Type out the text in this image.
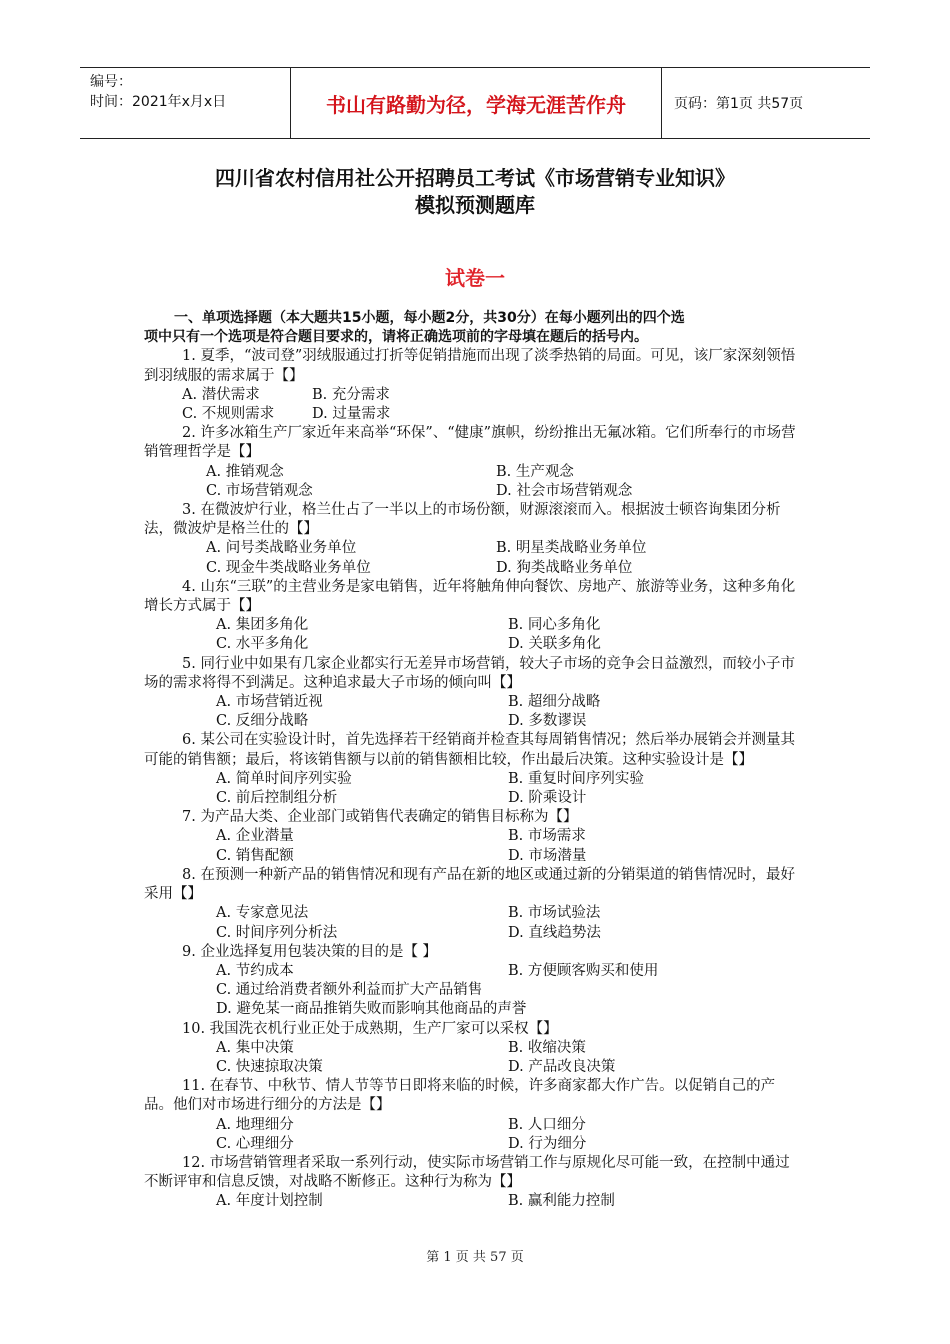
编号：
时间：2021年x月x日	书山有路勤为径，学海无涯苦作舟	页码：第1页 共57页
四川省农村信用社公开招聘员工考试《市场营销专业知识》
模拟预测题库
试卷一
一、单项选择题（本大题共15小题，每小题2分，共30分）在每小题列出的四个选
项中只有一个选项是符合题目要求的，请将正确选项前的字母填在题后的括号内。
1. 夏季，“波司登”羽绒服通过打折等促销措施而出现了淡季热销的局面。可见，该厂家深刻领悟到羽绒服的需求属于【】
A. 潜伏需求	B. 充分需求
C. 不规则需求	D. 过量需求
2. 许多冰箱生产厂家近年来高举“环保”、“健康”旗帜，纷纷推出无氟冰箱。它们所奉行的市场营销管理哲学是【】
A. 推销观念	B. 生产观念
C. 市场营销观念	D. 社会市场营销观念
3. 在微波炉行业，格兰仕占了一半以上的市场份额，财源滚滚而入。根据波士顿咨询集团分析法，微波炉是格兰仕的【】
A. 问号类战略业务单位	B. 明星类战略业务单位
C. 现金牛类战略业务单位	D. 狗类战略业务单位
4. 山东“三联”的主营业务是家电销售，近年将触角伸向餐饮、房地产、旅游等业务，这种多角化增长方式属于【】
A. 集团多角化	B. 同心多角化
C. 水平多角化	D. 关联多角化
5. 同行业中如果有几家企业都实行无差异市场营销，较大子市场的竞争会日益激烈，而较小子市场的需求将得不到满足。这种追求最大子市场的倾向叫【】
A. 市场营销近视	B. 超细分战略
C. 反细分战略	D. 多数谬误
6. 某公司在实验设计时，首先选择若干经销商并检查其每周销售情况；然后举办展销会并测量其可能的销售额；最后，将该销售额与以前的销售额相比较，作出最后决策。这种实验设计是【】
A. 简单时间序列实验	B. 重复时间序列实验
C. 前后控制组分析	D. 阶乘设计
7. 为产品大类、企业部门或销售代表确定的销售目标称为【】
A. 企业潜量	B. 市场需求
C. 销售配额	D. 市场潜量
8. 在预测一种新产品的销售情况和现有产品在新的地区或通过新的分销渠道的销售情况时，最好采用【】
A. 专家意见法	B. 市场试验法
C. 时间序列分析法	D. 直线趋势法
9. 企业选择复用包装决策的目的是【 】
A. 节约成本	B. 方便顾客购买和使用
C. 通过给消费者额外利益而扩大产品销售
D. 避免某一商品推销失败而影响其他商品的声誉
10. 我国洗衣机行业正处于成熟期，生产厂家可以采权【】
A. 集中决策	B. 收缩决策
C. 快速掠取决策	D. 产品改良决策
11. 在春节、中秋节、情人节等节日即将来临的时候，许多商家都大作广告。以促销自己的产品。他们对市场进行细分的方法是【】
A. 地理细分	B. 人口细分
C. 心理细分	D. 行为细分
12. 市场营销管理者采取一系列行动，使实际市场营销工作与原规化尽可能一致，在控制中通过不断评审和信息反馈，对战略不断修正。这种行为称为【】
A. 年度计划控制	B. 赢利能力控制
第 1 页 共 57 页
